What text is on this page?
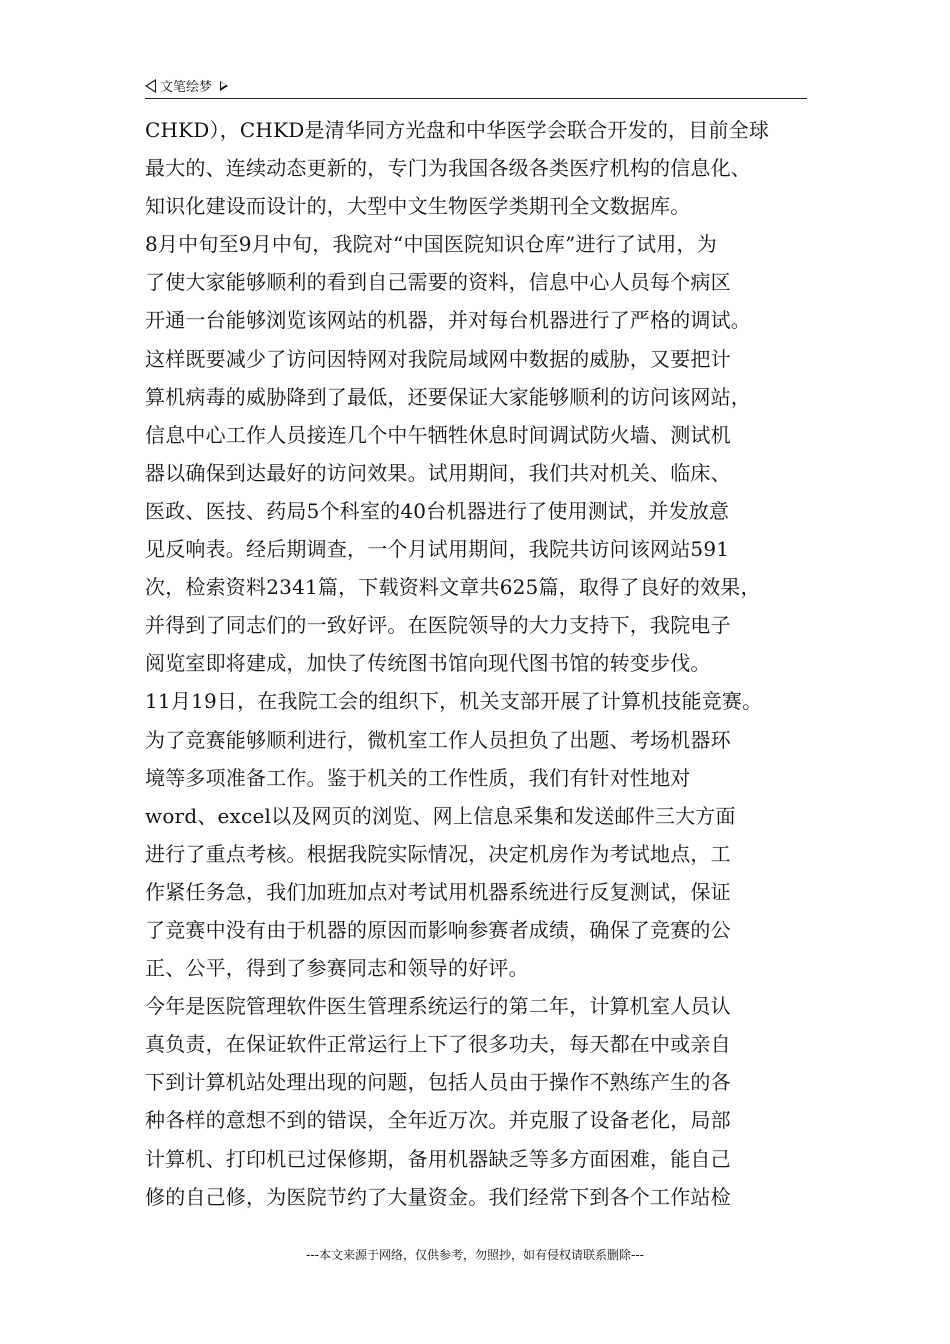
文笔绘梦
CHKD），CHKD是清华同方光盘和中华医学会联合开发的，目前全球
最大的、连续动态更新的，专门为我国各级各类医疗机构的信息化、
知识化建设而设计的，大型中文生物医学类期刊全文数据库。
8月中旬至9月中旬，我院对“中国医院知识仓库”进行了试用，为
了使大家能够顺利的看到自己需要的资料，信息中心人员每个病区
开通一台能够浏览该网站的机器，并对每台机器进行了严格的调试。
这样既要减少了访问因特网对我院局域网中数据的威胁，又要把计
算机病毒的威胁降到了最低，还要保证大家能够顺利的访问该网站，
信息中心工作人员接连几个中午牺牲休息时间调试防火墙、测试机
器以确保到达最好的访问效果。试用期间，我们共对机关、临床、
医政、医技、药局5个科室的40台机器进行了使用测试，并发放意
见反响表。经后期调查，一个月试用期间，我院共访问该网站591
次，检索资料2341篇，下载资料文章共625篇，取得了良好的效果，
并得到了同志们的一致好评。在医院领导的大力支持下，我院电子
阅览室即将建成，加快了传统图书馆向现代图书馆的转变步伐。
11月19日，在我院工会的组织下，机关支部开展了计算机技能竞赛。
为了竞赛能够顺利进行，微机室工作人员担负了出题、考场机器环
境等多项准备工作。鉴于机关的工作性质，我们有针对性地对
word、excel以及网页的浏览、网上信息采集和发送邮件三大方面
进行了重点考核。根据我院实际情况，决定机房作为考试地点，工
作紧任务急，我们加班加点对考试用机器系统进行反复测试，保证
了竞赛中没有由于机器的原因而影响参赛者成绩，确保了竞赛的公
正、公平，得到了参赛同志和领导的好评。
今年是医院管理软件医生管理系统运行的第二年，计算机室人员认
真负责，在保证软件正常运行上下了很多功夫，每天都在中或亲自
下到计算机站处理出现的问题，包括人员由于操作不熟练产生的各
种各样的意想不到的错误，全年近万次。并克服了设备老化，局部
计算机、打印机已过保修期，备用机器缺乏等多方面困难，能自己
修的自己修，为医院节约了大量资金。我们经常下到各个工作站检
---本文来源于网络，仅供参考，勿照抄，如有侵权请联系删除---
